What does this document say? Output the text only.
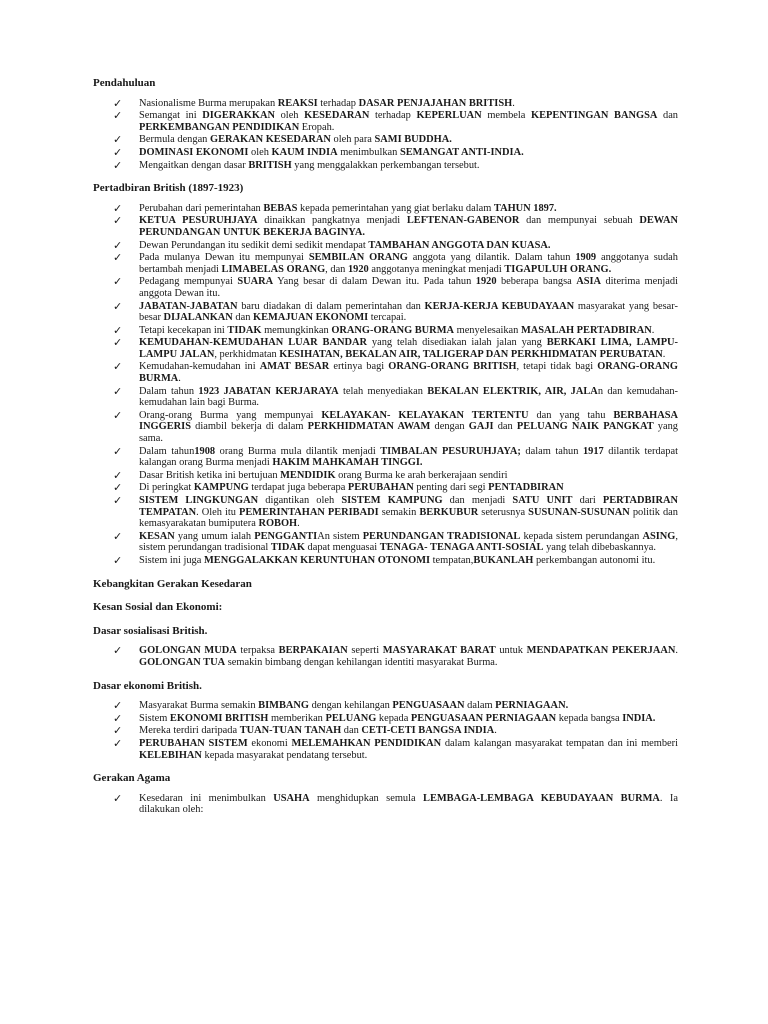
Pendahuluan
✓ Nasionalisme Burma merupakan REAKSI terhadap DASAR PENJAJAHAN BRITISH.
✓ Semangat ini DIGERAKKAN oleh KESEDARAN terhadap KEPERLUAN membela KEPENTINGAN BANGSA dan PERKEMBANGAN PENDIDIKAN Eropah.
✓ Bermula dengan GERAKAN KESEDARAN oleh para SAMI BUDDHA.
✓ DOMINASI EKONOMI oleh KAUM INDIA menimbulkan SEMANGAT ANTI-INDIA.
✓ Mengaitkan dengan dasar BRITISH yang menggalakkan perkembangan tersebut.
Pertadbiran British (1897-1923)
✓ Perubahan dari pemerintahan BEBAS kepada pemerintahan yang giat berlaku dalam TAHUN 1897.
✓ KETUA PESURUHJAYA dinaikkan pangkatnya menjadi LEFTENAN-GABENOR dan mempunyai sebuah DEWAN PERUNDANGAN UNTUK BEKERJA BAGINYA.
✓ Dewan Perundangan itu sedikit demi sedikit mendapat TAMBAHAN ANGGOTA DAN KUASA.
✓ Pada mulanya Dewan itu mempunyai SEMBILAN ORANG anggota yang dilantik. Dalam tahun 1909 anggotanya sudah bertambah menjadi LIMABELAS ORANG, dan 1920 anggotanya meningkat menjadi TIGAPULUH ORANG.
✓ Pedagang mempunyai SUARA Yang besar di dalam Dewan itu. Pada tahun 1920 beberapa bangsa ASIA diterima menjadi anggota Dewan itu.
✓ JABATAN-JABATAN baru diadakan di dalam pemerintahan dan KERJA-KERJA KEBUDAYAAN masyarakat yang besar- besar DIJALANKAN dan KEMAJUAN EKONOMI tercapai.
✓ Tetapi kecekapan ini TIDAK memungkinkan ORANG-ORANG BURMA menyelesaikan MASALAH PERTADBIRAN.
✓ KEMUDAHAN-KEMUDAHAN LUAR BANDAR yang telah disediakan ialah jalan yang BERKAKI LIMA, LAMPU-LAMPU JALAN, perkhidmatan KESIHATAN, BEKALAN AIR, TALIGERAP DAN PERKHIDMATAN PERUBATAN.
✓ Kemudahan-kemudahan ini AMAT BESAR ertinya bagi ORANG-ORANG BRITISH, tetapi tidak bagi ORANG-ORANG BURMA.
✓ Dalam tahun 1923 JABATAN KERJARAYA telah menyediakan BEKALAN ELEKTRIK, AIR, JALAn dan kemudahan-kemudahan lain bagi Burma.
✓ Orang-orang Burma yang mempunyai KELAYAKAN- KELAYAKAN TERTENTU dan yang tahu BERBAHASA INGGERIS diambil bekerja di dalam PERKHIDMATAN AWAM dengan GAJI dan PELUANG NAIK PANGKAT yang sama.
✓ Dalam tahun1908 orang Burma mula dilantik menjadi TIMBALAN PESURUHJAYA; dalam tahun 1917 dilantik terdapat kalangan orang Burma menjadi HAKIM MAHKAMAH TINGGI.
✓ Dasar British ketika ini bertujuan MENDIDIK orang Burma ke arah berkerajaan sendiri
✓ Di peringkat KAMPUNG terdapat juga beberapa PERUBAHAN penting dari segi PENTADBIRAN
✓ SISTEM LINGKUNGAN digantikan oleh SISTEM KAMPUNG dan menjadi SATU UNIT dari PERTADBIRAN TEMPATAN. Oleh itu PEMERINTAHAN PERIBADI semakin BERKUBUR seterusnya SUSUNAN-SUSUNAN politik dan kemasyarakatan bumiputera ROBOH.
✓ KESAN yang umum ialah PENGGANTIAn sistem PERUNDANGAN TRADISIONAL kepada sistem perundangan ASING, sistem perundangan tradisional TIDAK dapat menguasai TENAGA- TENAGA ANTI-SOSIAL yang telah dibebaskannya.
✓ Sistem ini juga MENGGALAKKAN KERUNTUHAN OTONOMI tempatan,BUKANLAH perkembangan autonomi itu.
Kebangkitan Gerakan Kesedaran
Kesan Sosial dan Ekonomi:
Dasar sosialisasi British.
✓ GOLONGAN MUDA terpaksa BERPAKAIAN seperti MASYARAKAT BARAT untuk MENDAPATKAN PEKERJAAN. GOLONGAN TUA semakin bimbang dengan kehilangan identiti masyarakat Burma.
Dasar ekonomi British.
✓ Masyarakat Burma semakin BIMBANG dengan kehilangan PENGUASAAN dalam PERNIAGAAN.
✓ Sistem EKONOMI BRITISH memberikan PELUANG kepada PENGUASAAN PERNIAGAAN kepada bangsa INDIA.
✓ Mereka terdiri daripada TUAN-TUAN TANAH dan CETI-CETI BANGSA INDIA.
✓ PERUBAHAN SISTEM ekonomi MELEMAHKAN PENDIDIKAN dalam kalangan masyarakat tempatan dan ini memberi KELEBIHAN kepada masyarakat pendatang tersebut.
Gerakan Agama
✓ Kesedaran ini menimbulkan USAHA menghidupkan semula LEMBAGA-LEMBAGA KEBUDAYAAN BURMA. Ia dilakukan oleh:
